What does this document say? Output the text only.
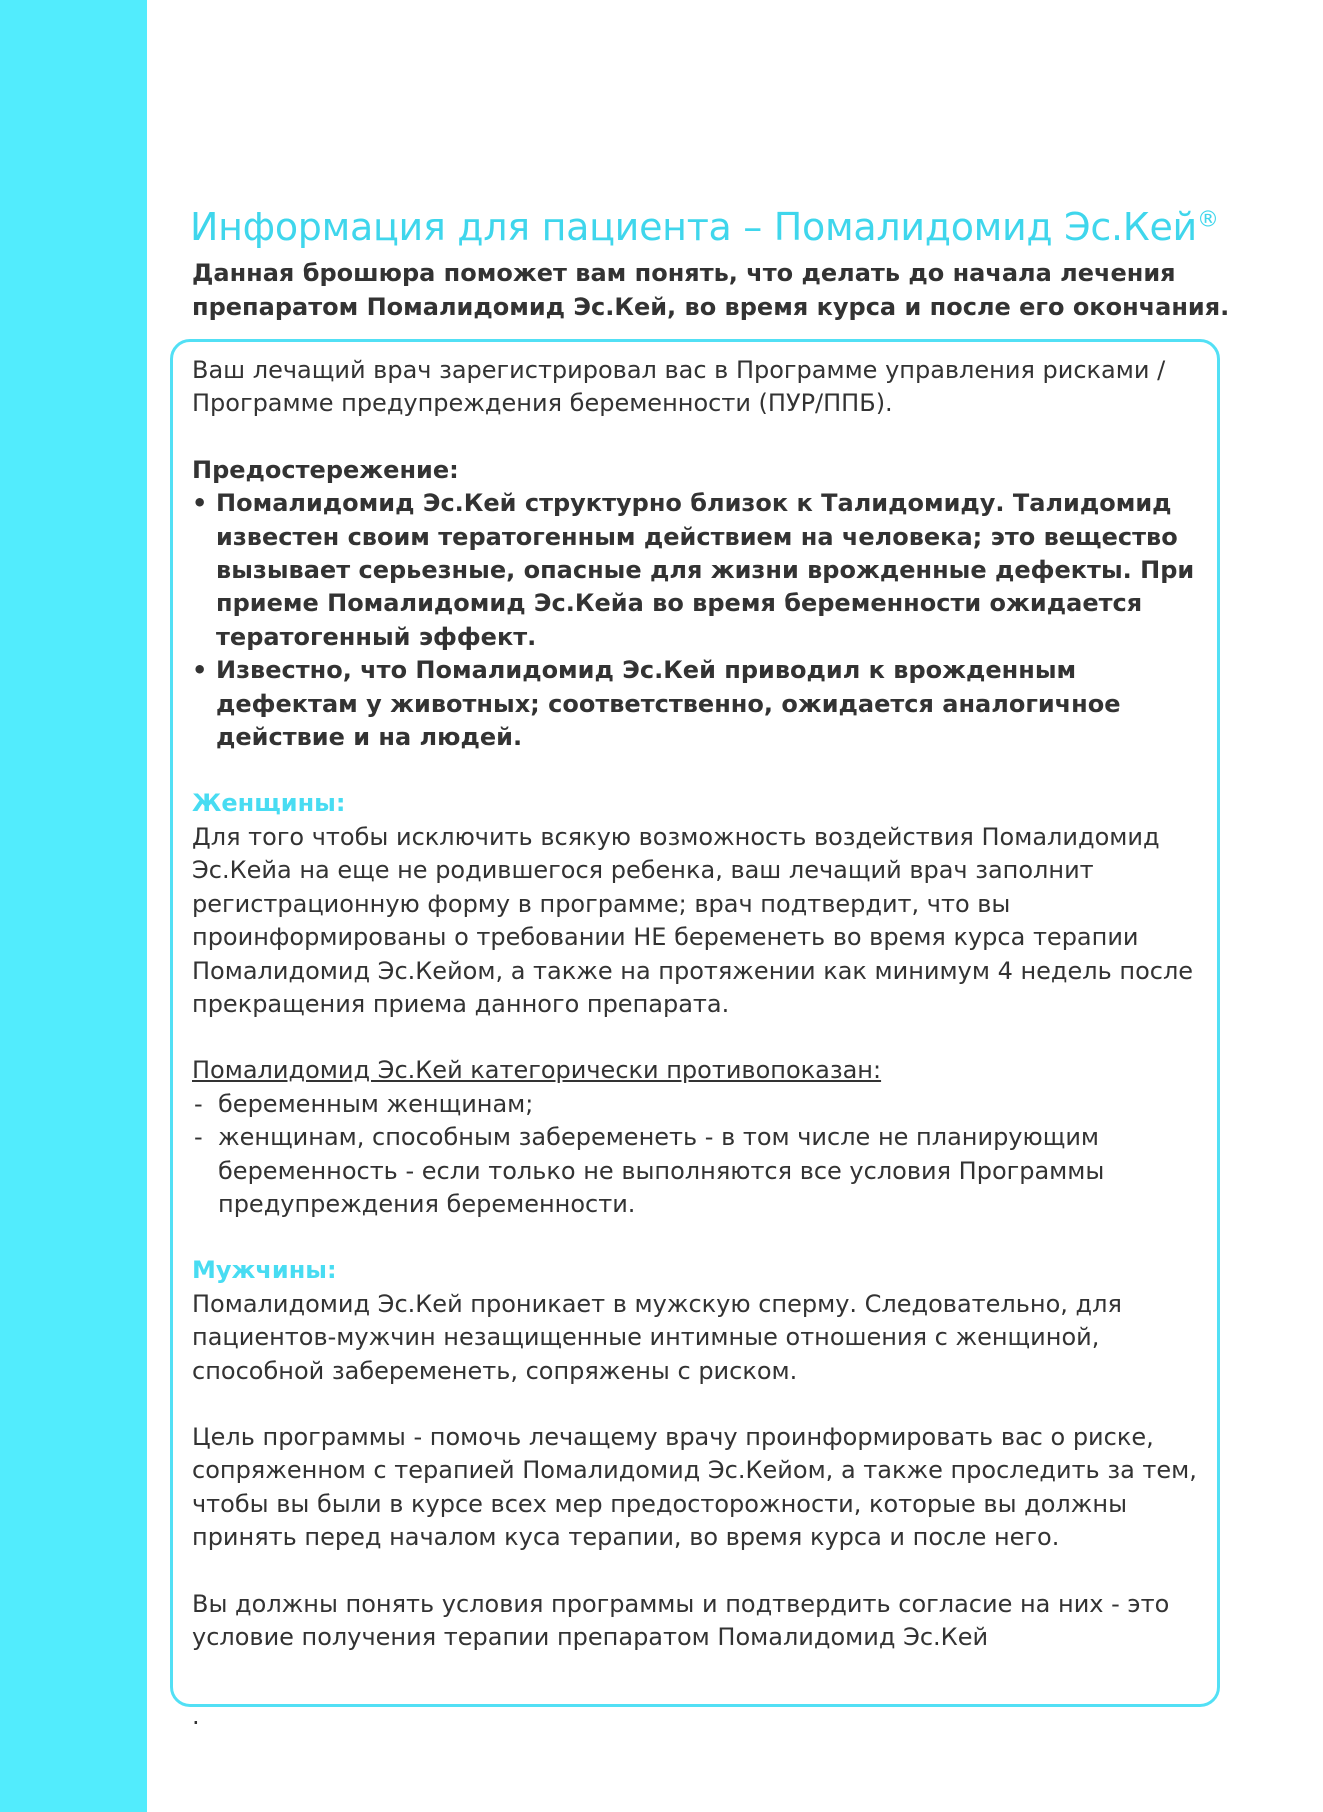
Информация для пациента – Помалидомид Эс.Кей®

Данная брошюра поможет вам понять, что делать до начала лечения препаратом Помалидомид Эс.Кей, во время курса и после его окончания.

Ваш лечащий врач зарегистрировал вас в Программе управления рисками / Программе предупреждения беременности (ПУР/ППБ).

Предостережение:

• Помалидомид Эс.Кей структурно близок к Талидомиду. Талидомид известен своим тератогенным действием на человека; это вещество вызывает серьезные, опасные для жизни врожденные дефекты. При приеме Помалидомид Эс.Кейа во время беременности ожидается тератогенный эффект.
• Известно, что Помалидомид Эс.Кей приводил к врожденным дефектам у животных; соответственно, ожидается аналогичное действие и на людей.

Женщины:

Для того чтобы исключить всякую возможность воздействия Помалидомид Эс.Кейа на еще не родившегося ребенка, ваш лечащий врач заполнит регистрационную форму в программе; врач подтвердит, что вы проинформированы о требовании НЕ беременеть во время курса терапии Помалидомид Эс.Кейом, а также на протяжении как минимум 4 недель после прекращения приема данного препарата.

Помалидомид Эс.Кей категорически противопоказан:

- беременным женщинам;
- женщинам, способным забеременеть - в том числе не планирующим беременность - если только не выполняются все условия Программы предупреждения беременности.

Мужчины:

Помалидомид Эс.Кей проникает в мужскую сперму. Следовательно, для пациентов-мужчин незащищенные интимные отношения с женщиной, способной забеременеть, сопряжены с риском.

Цель программы - помочь лечащему врачу проинформировать вас о риске, сопряженном с терапией Помалидомид Эс.Кейом, а также проследить за тем, чтобы вы были в курсе всех мер предосторожности, которые вы должны принять перед началом куса терапии, во время курса и после него.

Вы должны понять условия программы и подтвердить согласие на них - это условие получения терапии препаратом Помалидомид Эс.Кей

.
